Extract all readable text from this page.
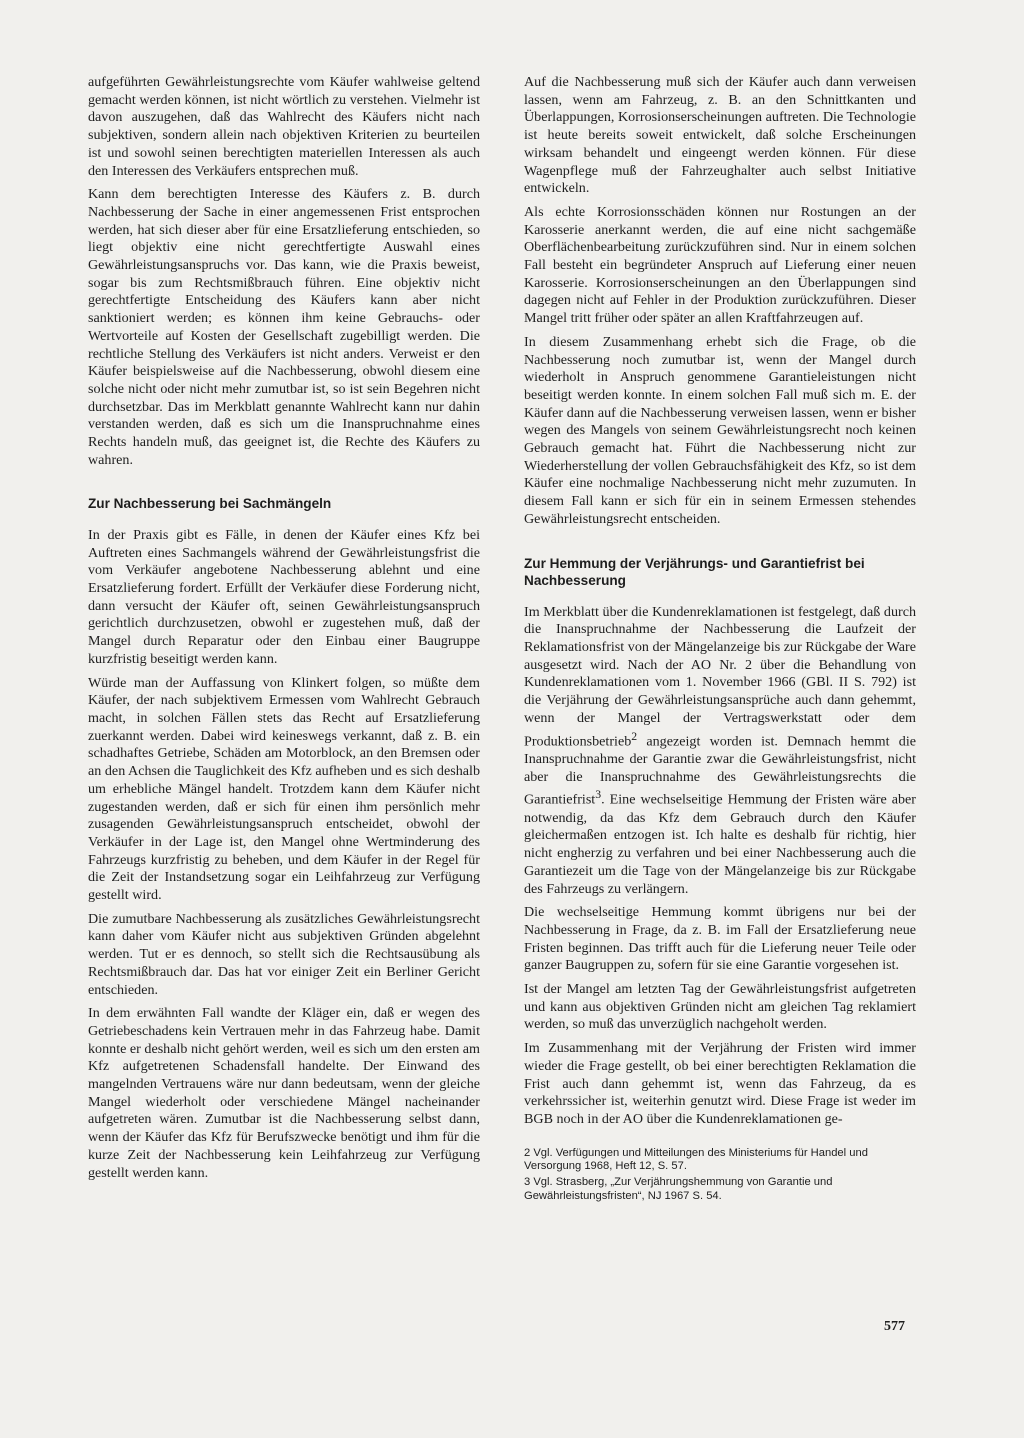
aufgeführten Gewährleistungsrechte vom Käufer wahlweise geltend gemacht werden können, ist nicht wörtlich zu verstehen. Vielmehr ist davon auszugehen, daß das Wahlrecht des Käufers nicht nach subjektiven, sondern allein nach objektiven Kriterien zu beurteilen ist und sowohl seinen berechtigten materiellen Interessen als auch den Interessen des Verkäufers entsprechen muß.

Kann dem berechtigten Interesse des Käufers z. B. durch Nachbesserung der Sache in einer angemessenen Frist entsprochen werden, hat sich dieser aber für eine Ersatzlieferung entschieden, so liegt objektiv eine nicht gerechtfertigte Auswahl eines Gewährleistungsanspruchs vor. Das kann, wie die Praxis beweist, sogar bis zum Rechtsmißbrauch führen. Eine objektiv nicht gerechtfertigte Entscheidung des Käufers kann aber nicht sanktioniert werden; es können ihm keine Gebrauchs- oder Wertvorteile auf Kosten der Gesellschaft zugebilligt werden. Die rechtliche Stellung des Verkäufers ist nicht anders. Verweist er den Käufer beispielsweise auf die Nachbesserung, obwohl diesem eine solche nicht oder nicht mehr zumutbar ist, so ist sein Begehren nicht durchsetzbar. Das im Merkblatt genannte Wahlrecht kann nur dahin verstanden werden, daß es sich um die Inanspruchnahme eines Rechts handeln muß, das geeignet ist, die Rechte des Käufers zu wahren.

Zur Nachbesserung bei Sachmängeln

In der Praxis gibt es Fälle, in denen der Käufer eines Kfz bei Auftreten eines Sachmangels während der Gewährleistungsfrist die vom Verkäufer angebotene Nachbesserung ablehnt und eine Ersatzlieferung fordert. Erfüllt der Verkäufer diese Forderung nicht, dann versucht der Käufer oft, seinen Gewährleistungsanspruch gerichtlich durchzusetzen, obwohl er zugestehen muß, daß der Mangel durch Reparatur oder den Einbau einer Baugruppe kurzfristig beseitigt werden kann.

Würde man der Auffassung von Klinkert folgen, so müßte dem Käufer, der nach subjektivem Ermessen vom Wahlrecht Gebrauch macht, in solchen Fällen stets das Recht auf Ersatzlieferung zuerkannt werden. Dabei wird keineswegs verkannt, daß z. B. ein schadhaftes Getriebe, Schäden am Motorblock, an den Bremsen oder an den Achsen die Tauglichkeit des Kfz aufheben und es sich deshalb um erhebliche Mängel handelt. Trotzdem kann dem Käufer nicht zugestanden werden, daß er sich für einen ihm persönlich mehr zusagenden Gewährleistungsanspruch entscheidet, obwohl der Verkäufer in der Lage ist, den Mangel ohne Wertminderung des Fahrzeugs kurzfristig zu beheben, und dem Käufer in der Regel für die Zeit der Instandsetzung sogar ein Leihfahrzeug zur Verfügung gestellt wird.

Die zumutbare Nachbesserung als zusätzliches Gewährleistungsrecht kann daher vom Käufer nicht aus subjektiven Gründen abgelehnt werden. Tut er es dennoch, so stellt sich die Rechtsausübung als Rechtsmißbrauch dar. Das hat vor einiger Zeit ein Berliner Gericht entschieden.

In dem erwähnten Fall wandte der Kläger ein, daß er wegen des Getriebeschadens kein Vertrauen mehr in das Fahrzeug habe. Damit konnte er deshalb nicht gehört werden, weil es sich um den ersten am Kfz aufgetretenen Schadensfall handelte. Der Einwand des mangelnden Vertrauens wäre nur dann bedeutsam, wenn der gleiche Mangel wiederholt oder verschiedene Mängel nacheinander aufgetreten wären. Zumutbar ist die Nachbesserung selbst dann, wenn der Käufer das Kfz für Berufszwecke benötigt und ihm für die kurze Zeit der Nachbesserung kein Leihfahrzeug zur Verfügung gestellt werden kann.

Auf die Nachbesserung muß sich der Käufer auch dann verweisen lassen, wenn am Fahrzeug, z. B. an den Schnittkanten und Überlappungen, Korrosionserscheinungen auftreten. Die Technologie ist heute bereits soweit entwickelt, daß solche Erscheinungen wirksam behandelt und eingeengt werden können. Für diese Wagenpflege muß der Fahrzeughalter auch selbst Initiative entwickeln.

Als echte Korrosionsschäden können nur Rostungen an der Karosserie anerkannt werden, die auf eine nicht sachgemäße Oberflächenbearbeitung zurückzuführen sind. Nur in einem solchen Fall besteht ein begründeter Anspruch auf Lieferung einer neuen Karosserie. Korrosionserscheinungen an den Überlappungen sind dagegen nicht auf Fehler in der Produktion zurückzuführen. Dieser Mangel tritt früher oder später an allen Kraftfahrzeugen auf.

In diesem Zusammenhang erhebt sich die Frage, ob die Nachbesserung noch zumutbar ist, wenn der Mangel durch wiederholt in Anspruch genommene Garantieleistungen nicht beseitigt werden konnte. In einem solchen Fall muß sich m. E. der Käufer dann auf die Nachbesserung verweisen lassen, wenn er bisher wegen des Mangels von seinem Gewährleistungsrecht noch keinen Gebrauch gemacht hat. Führt die Nachbesserung nicht zur Wiederherstellung der vollen Gebrauchsfähigkeit des Kfz, so ist dem Käufer eine nochmalige Nachbesserung nicht mehr zuzumuten. In diesem Fall kann er sich für ein in seinem Ermessen stehendes Gewährleistungsrecht entscheiden.

Zur Hemmung der Verjährungs- und Garantiefrist bei Nachbesserung

Im Merkblatt über die Kundenreklamationen ist festgelegt, daß durch die Inanspruchnahme der Nachbesserung die Laufzeit der Reklamationsfrist von der Mängelanzeige bis zur Rückgabe der Ware ausgesetzt wird. Nach der AO Nr. 2 über die Behandlung von Kundenreklamationen vom 1. November 1966 (GBl. II S. 792) ist die Verjährung der Gewährleistungsansprüche auch dann gehemmt, wenn der Mangel der Vertragswerkstatt oder dem Produktionsbetrieb$^2$ angezeigt worden ist. Demnach hemmt die Inanspruchnahme der Garantie zwar die Gewährleistungsfrist, nicht aber die Inanspruchnahme des Gewährleistungsrechts die Garantiefrist$^3$. Eine wechselseitige Hemmung der Fristen wäre aber notwendig, da das Kfz dem Gebrauch durch den Käufer gleichermaßen entzogen ist. Ich halte es deshalb für richtig, hier nicht engherzig zu verfahren und bei einer Nachbesserung auch die Garantiezeit um die Tage von der Mängelanzeige bis zur Rückgabe des Fahrzeugs zu verlängern.

Die wechselseitige Hemmung kommt übrigens nur bei der Nachbesserung in Frage, da z. B. im Fall der Ersatzlieferung neue Fristen beginnen. Das trifft auch für die Lieferung neuer Teile oder ganzer Baugruppen zu, sofern für sie eine Garantie vorgesehen ist.

Ist der Mangel am letzten Tag der Gewährleistungsfrist aufgetreten und kann aus objektiven Gründen nicht am gleichen Tag reklamiert werden, so muß das unverzüglich nachgeholt werden.

Im Zusammenhang mit der Verjährung der Fristen wird immer wieder die Frage gestellt, ob bei einer berechtigten Reklamation die Frist auch dann gehemmt ist, wenn das Fahrzeug, da es verkehrssicher ist, weiterhin genutzt wird. Diese Frage ist weder im BGB noch in der AO über die Kundenreklamationen ge-

2 Vgl. Verfügungen und Mitteilungen des Ministeriums für Handel und Versorgung 1968, Heft 12, S. 57.
3 Vgl. Strasberg, „Zur Verjährungshemmung von Garantie und Gewährleistungsfristen“, NJ 1967 S. 54.
577
